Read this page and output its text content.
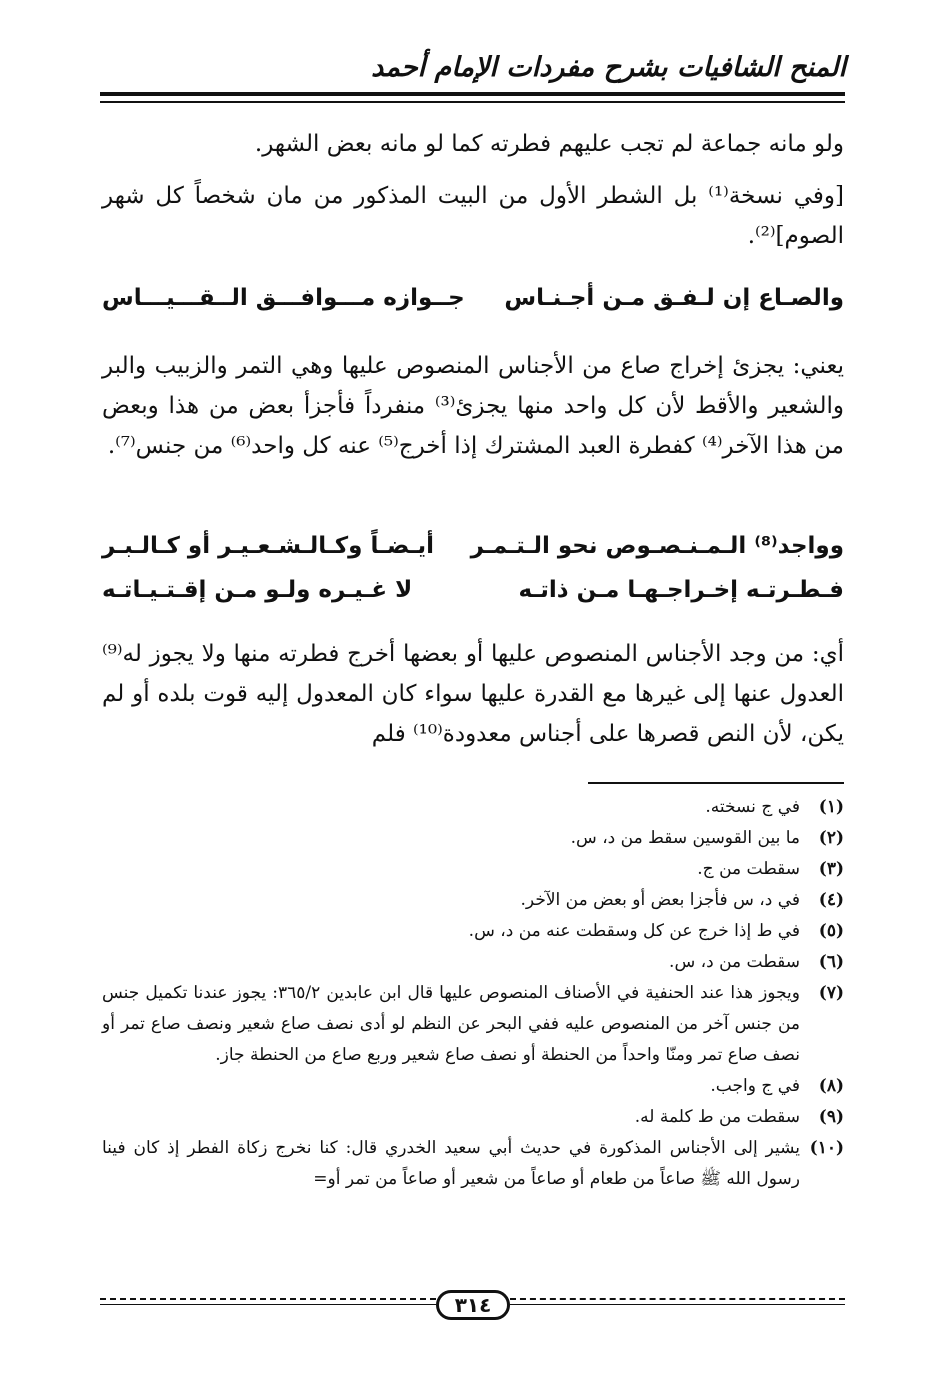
المنح الشافيات بشرح مفردات الإمام أحمد
ولو مانه جماعة لم تجب عليهم فطرته كما لو مانه بعض الشهر.
[وفي نسخة⁽¹⁾ بل الشطر الأول من البيت المذكور من مان شخصاً كل شهر الصوم]⁽²⁾.
والصـاع إن لـفـق مـن أجـنـاس
جــوازه مـــوافـــق الــقـــيـــاس
يعني: يجزئ إخراج صاع من الأجناس المنصوص عليها وهي التمر والزبيب والبر والشعير والأقط لأن كل واحد منها يجزئ⁽³⁾ منفرداً فأجزأ بعض من هذا وبعض من هذا الآخر⁽⁴⁾ كفطرة العبد المشترك إذا أخرج⁽⁵⁾ عنه كل واحد⁽⁶⁾ من جنس⁽⁷⁾.
وواجد⁽⁸⁾ الـمـنـصـوص نحو الـتـمـر
أيـضـاً وكـالـشـعـيـر أو كـالـبـر
فـطـرتـه إخـراجـهـا مـن ذاتـه
لا غـيـره ولـو مـن إقـتـيـاتـه
أي: من وجد الأجناس المنصوص عليها أو بعضها أخرج فطرته منها ولا يجوز له⁽⁹⁾ العدول عنها إلى غيرها مع القدرة عليها سواء كان المعدول إليه قوت بلده أو لم يكن، لأن النص قصرها على أجناس معدودة⁽¹⁰⁾ فلم
(١)
في ج نسخته.
(٢)
ما بين القوسين سقط من د، س.
(٣)
سقطت من ج.
(٤)
في د، س فأجزا بعض أو بعض من الآخر.
(٥)
في ط إذا خرج عن كل وسقطت عنه من د، س.
(٦)
سقطت من د، س.
(٧)
ويجوز هذا عند الحنفية في الأصناف المنصوص عليها قال ابن عابدين ٣٦٥/٢: يجوز عندنا تكميل جنس من جنس آخر من المنصوص عليه ففي البحر عن النظم لو أدى نصف صاع شعير ونصف صاع تمر أو نصف صاع تمر ومنّا واحداً من الحنطة أو نصف صاع شعير وربع صاع من الحنطة جاز.
(٨)
في ج واجب.
(٩)
سقطت من ط كلمة له.
(١٠)
يشير إلى الأجناس المذكورة في حديث أبي سعيد الخدري قال: كنا نخرج زكاة الفطر إذ كان فينا رسول الله ﷺ صاعاً من طعام أو صاعاً من شعير أو صاعاً من تمر أو=
٣١٤
